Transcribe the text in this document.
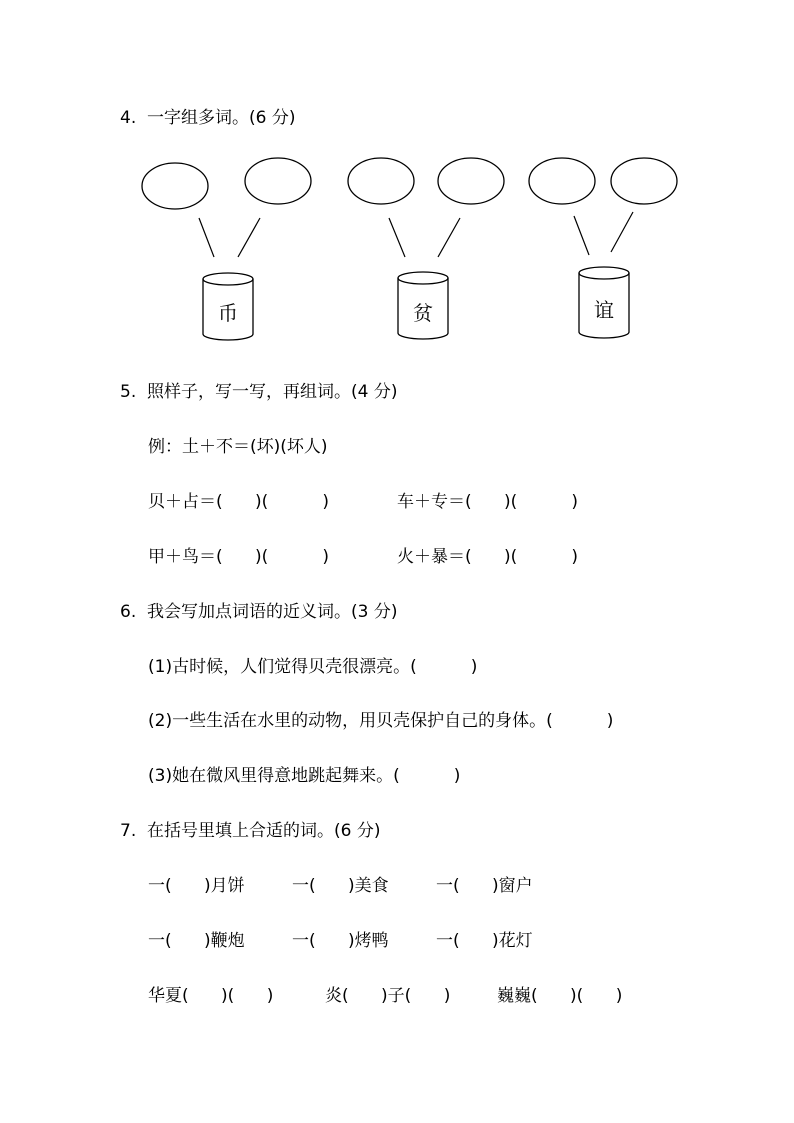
4.  一字组多词。(6 分)
币	贫	谊
5.  照样子，写一写，再组词。(4 分)
例：土＋不＝(坏)(坏人)
贝＋占＝(      )(          )	车＋专＝(      )(          )
甲＋鸟＝(      )(          )	火＋暴＝(      )(          )
6.  我会写加点词语的近义词。(3 分)
(1)古时候，人们觉得贝壳很漂亮。(          )
(2)一些生活在水里的动物，用贝壳保护自己的身体。(          )
(3)她在微风里得意地跳起舞来。(          )
7.  在括号里填上合适的词。(6 分)
一(      )月饼	一(      )美食	一(      )窗户
一(      )鞭炮	一(      )烤鸭	一(      )花灯
华夏(      )(      )	炎(      )子(      )	巍巍(      )(      )
